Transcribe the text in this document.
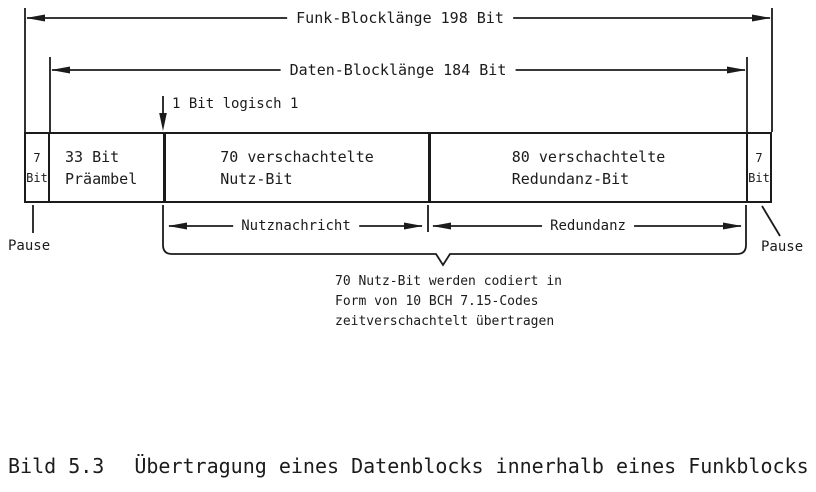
Funk-Blocklänge 198 Bit
Daten-Blocklänge 184 Bit
1 Bit logisch 1
7
Bit
33 Bit
Präambel
70 verschachtelte
Nutz-Bit
80 verschachtelte
Redundanz-Bit
7
Bit
Nutznachricht	Redundanz
Pause	Pause
70 Nutz-Bit werden codiert in
Form von 10 BCH 7.15-Codes
zeitverschachtelt übertragen
Bild 5.3 Übertragung eines Datenblocks innerhalb eines Funkblocks
